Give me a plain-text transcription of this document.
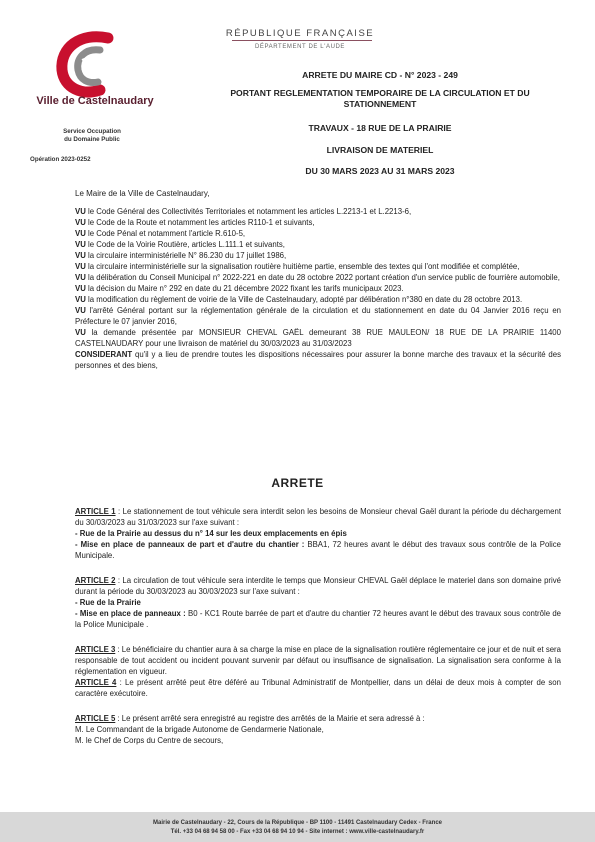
Ville de Castelnaudary
Service Occupation
du Domaine Public
Opération 2023-0252
RÉPUBLIQUE FRANÇAISE
DÉPARTEMENT DE L'AUDE
ARRETE DU MAIRE CD - N° 2023 - 249
PORTANT REGLEMENTATION TEMPORAIRE DE LA CIRCULATION ET DU
STATIONNEMENT
TRAVAUX - 18 RUE DE LA PRAIRIE
LIVRAISON DE MATERIEL
DU 30 MARS 2023 AU 31 MARS 2023
Le Maire de la Ville de Castelnaudary,

VU le Code Général des Collectivités Territoriales et notamment les articles L.2213-1 et L.2213-6,

VU le Code de la Route et notamment les articles R110-1 et suivants,

VU le Code Pénal et notamment l'article R.610-5,

VU le Code de la Voirie Routière, articles L.111.1 et suivants,

VU la circulaire interministérielle N° 86.230 du 17 juillet 1986,

VU la circulaire interministérielle sur la signalisation routière huitième partie, ensemble des textes qui l'ont modifiée et complétée,

VU la délibération du Conseil Municipal n° 2022-221 en date du 28 octobre 2022 portant création d'un service public de fourrière automobile,

VU la décision du Maire n° 292 en date du 21 décembre 2022 fixant les tarifs municipaux 2023.

VU la modification du règlement de voirie de la Ville de Castelnaudary, adopté par délibération n°380 en date du 28 octobre 2013.

VU l'arrêté Général portant sur la réglementation générale de la circulation et du stationnement en date du 04 Janvier 2016 reçu en Préfecture le 07 janvier 2016,

VU la demande présentée par MONSIEUR CHEVAL GAËL demeurant 38 RUE MAULEON/ 18 RUE DE LA PRAIRIE 11400 CASTELNAUDARY pour une livraison de matériel du 30/03/2023 au 31/03/2023

CONSIDERANT qu'il y a lieu de prendre toutes les dispositions nécessaires pour assurer la bonne marche des travaux et la sécurité des personnes et des biens,

ARRETE

ARTICLE 1 : Le stationnement de tout véhicule sera interdit selon les besoins de Monsieur cheval Gaël durant la période du déchargement du 30/03/2023 au 31/03/2023 sur l'axe suivant :

- Rue de la Prairie au dessus du n° 14 sur les deux emplacements en épis

- Mise en place de panneaux de part et d'autre du chantier : BBA1, 72 heures avant le début des travaux sous contrôle de la Police Municipale.

ARTICLE 2 : La circulation de tout véhicule sera interdite le temps que Monsieur CHEVAL Gaël déplace le materiel dans son domaine privé durant la période du 30/03/2023 au 30/03/2023 sur l'axe suivant :

- Rue de la Prairie

- Mise en place de panneaux : B0 - KC1 Route barrée de part et d'autre du chantier 72 heures avant le début des travaux sous contrôle de la Police Municipale .

ARTICLE 3 : Le bénéficiaire du chantier aura à sa charge la mise en place de la signalisation routière réglementaire ce jour et de nuit et sera responsable de tout accident ou incident pouvant survenir par défaut ou insuffisance de signalisation. La signalisation sera conforme à la réglementation en vigueur.

ARTICLE 4 : Le présent arrêté peut être déféré au Tribunal Administratif de Montpellier, dans un délai de deux mois à compter de son caractère exécutoire.

ARTICLE 5 : Le présent arrêté sera enregistré au registre des arrêtés de la Mairie et sera adressé à :

M. Le Commandant de la brigade Autonome de Gendarmerie Nationale,

M. le Chef de Corps du Centre de secours,

Mairie de Castelnaudary - 22, Cours de la République - BP 1100 - 11491 Castelnaudary Cedex - France
Tél. +33 04 68 94 58 00 - Fax +33 04 68 94 10 94 - Site internet : www.ville-castelnaudary.fr
